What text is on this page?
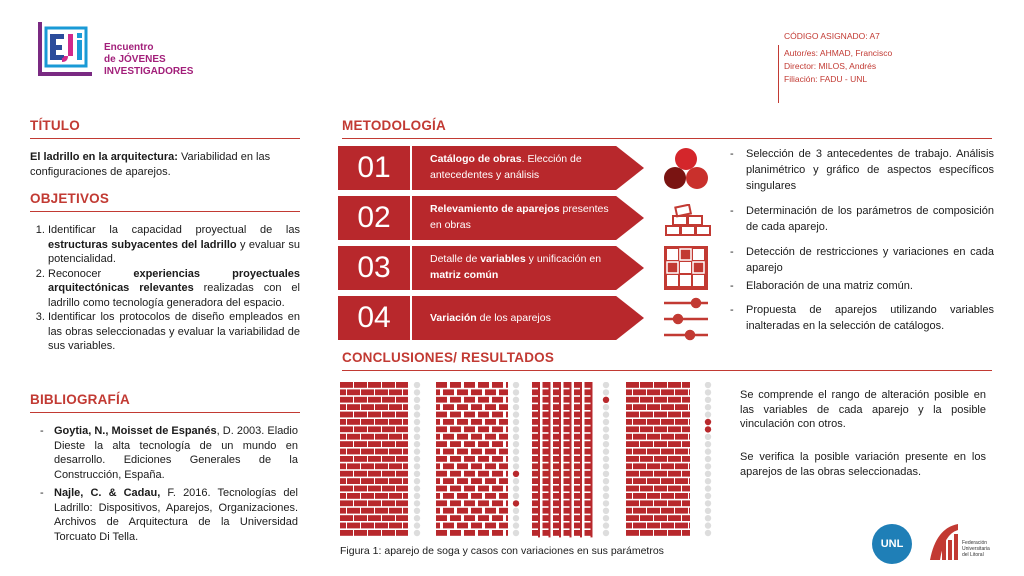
Encuentro
de JÓVENES
INVESTIGADORES
CÓDIGO ASIGNADO: A7
Autor/es: AHMAD, Francisco
Director: MILOS, Andrés
Filiación: FADU - UNL
TÍTULO
El ladrillo en la arquitectura: Variabilidad en las configuraciones de aparejos.
OBJETIVOS
1. Identificar la capacidad proyectual de las estructuras subyacentes del ladrillo y evaluar su potencialidad.
2. Reconocer experiencias proyectuales arquitectónicas relevantes realizadas con el ladrillo como tecnología generadora del espacio.
3. Identificar los protocolos de diseño empleados en las obras seleccionadas y evaluar la variabilidad de sus variables.
BIBLIOGRAFÍA
- Goytia, N., Moisset de Espanés, D. 2003. Eladio Dieste la alta tecnología de un mundo en desarrollo. Ediciones Generales de la Construcción, España.
- Najle, C. & Cadau, F. 2016. Tecnologías del Ladrillo: Dispositivos, Aparejos, Organizaciones. Archivos de Arquitectura de la Universidad Torcuato Di Tella.
METODOLOGÍA
01	Catálogo de obras. Elección de antecedentes y análisis
02	Relevamiento de aparejos presentes en obras
03	Detalle de variables y unificación en matriz común
04	Variación de los aparejos
- Selección de 3 antecedentes de trabajo. Análisis planimétrico y gráfico de aspectos específicos singulares
- Determinación de los parámetros de composición de cada aparejo.
- Detección de restricciones y variaciones en cada aparejo
- Elaboración de una matriz común.
- Propuesta de aparejos utilizando variables inalteradas en la selección de catálogos.
CONCLUSIONES/ RESULTADOS
Se comprende el rango de alteración posible en las variables de cada aparejo y la posible vinculación con otros.
Se verifica la posible variación presente en los aparejos de las obras seleccionadas.
Figura 1: aparejo de soga y casos con variaciones en sus parámetros
UNL	Federación
Universitaria
del Litoral
